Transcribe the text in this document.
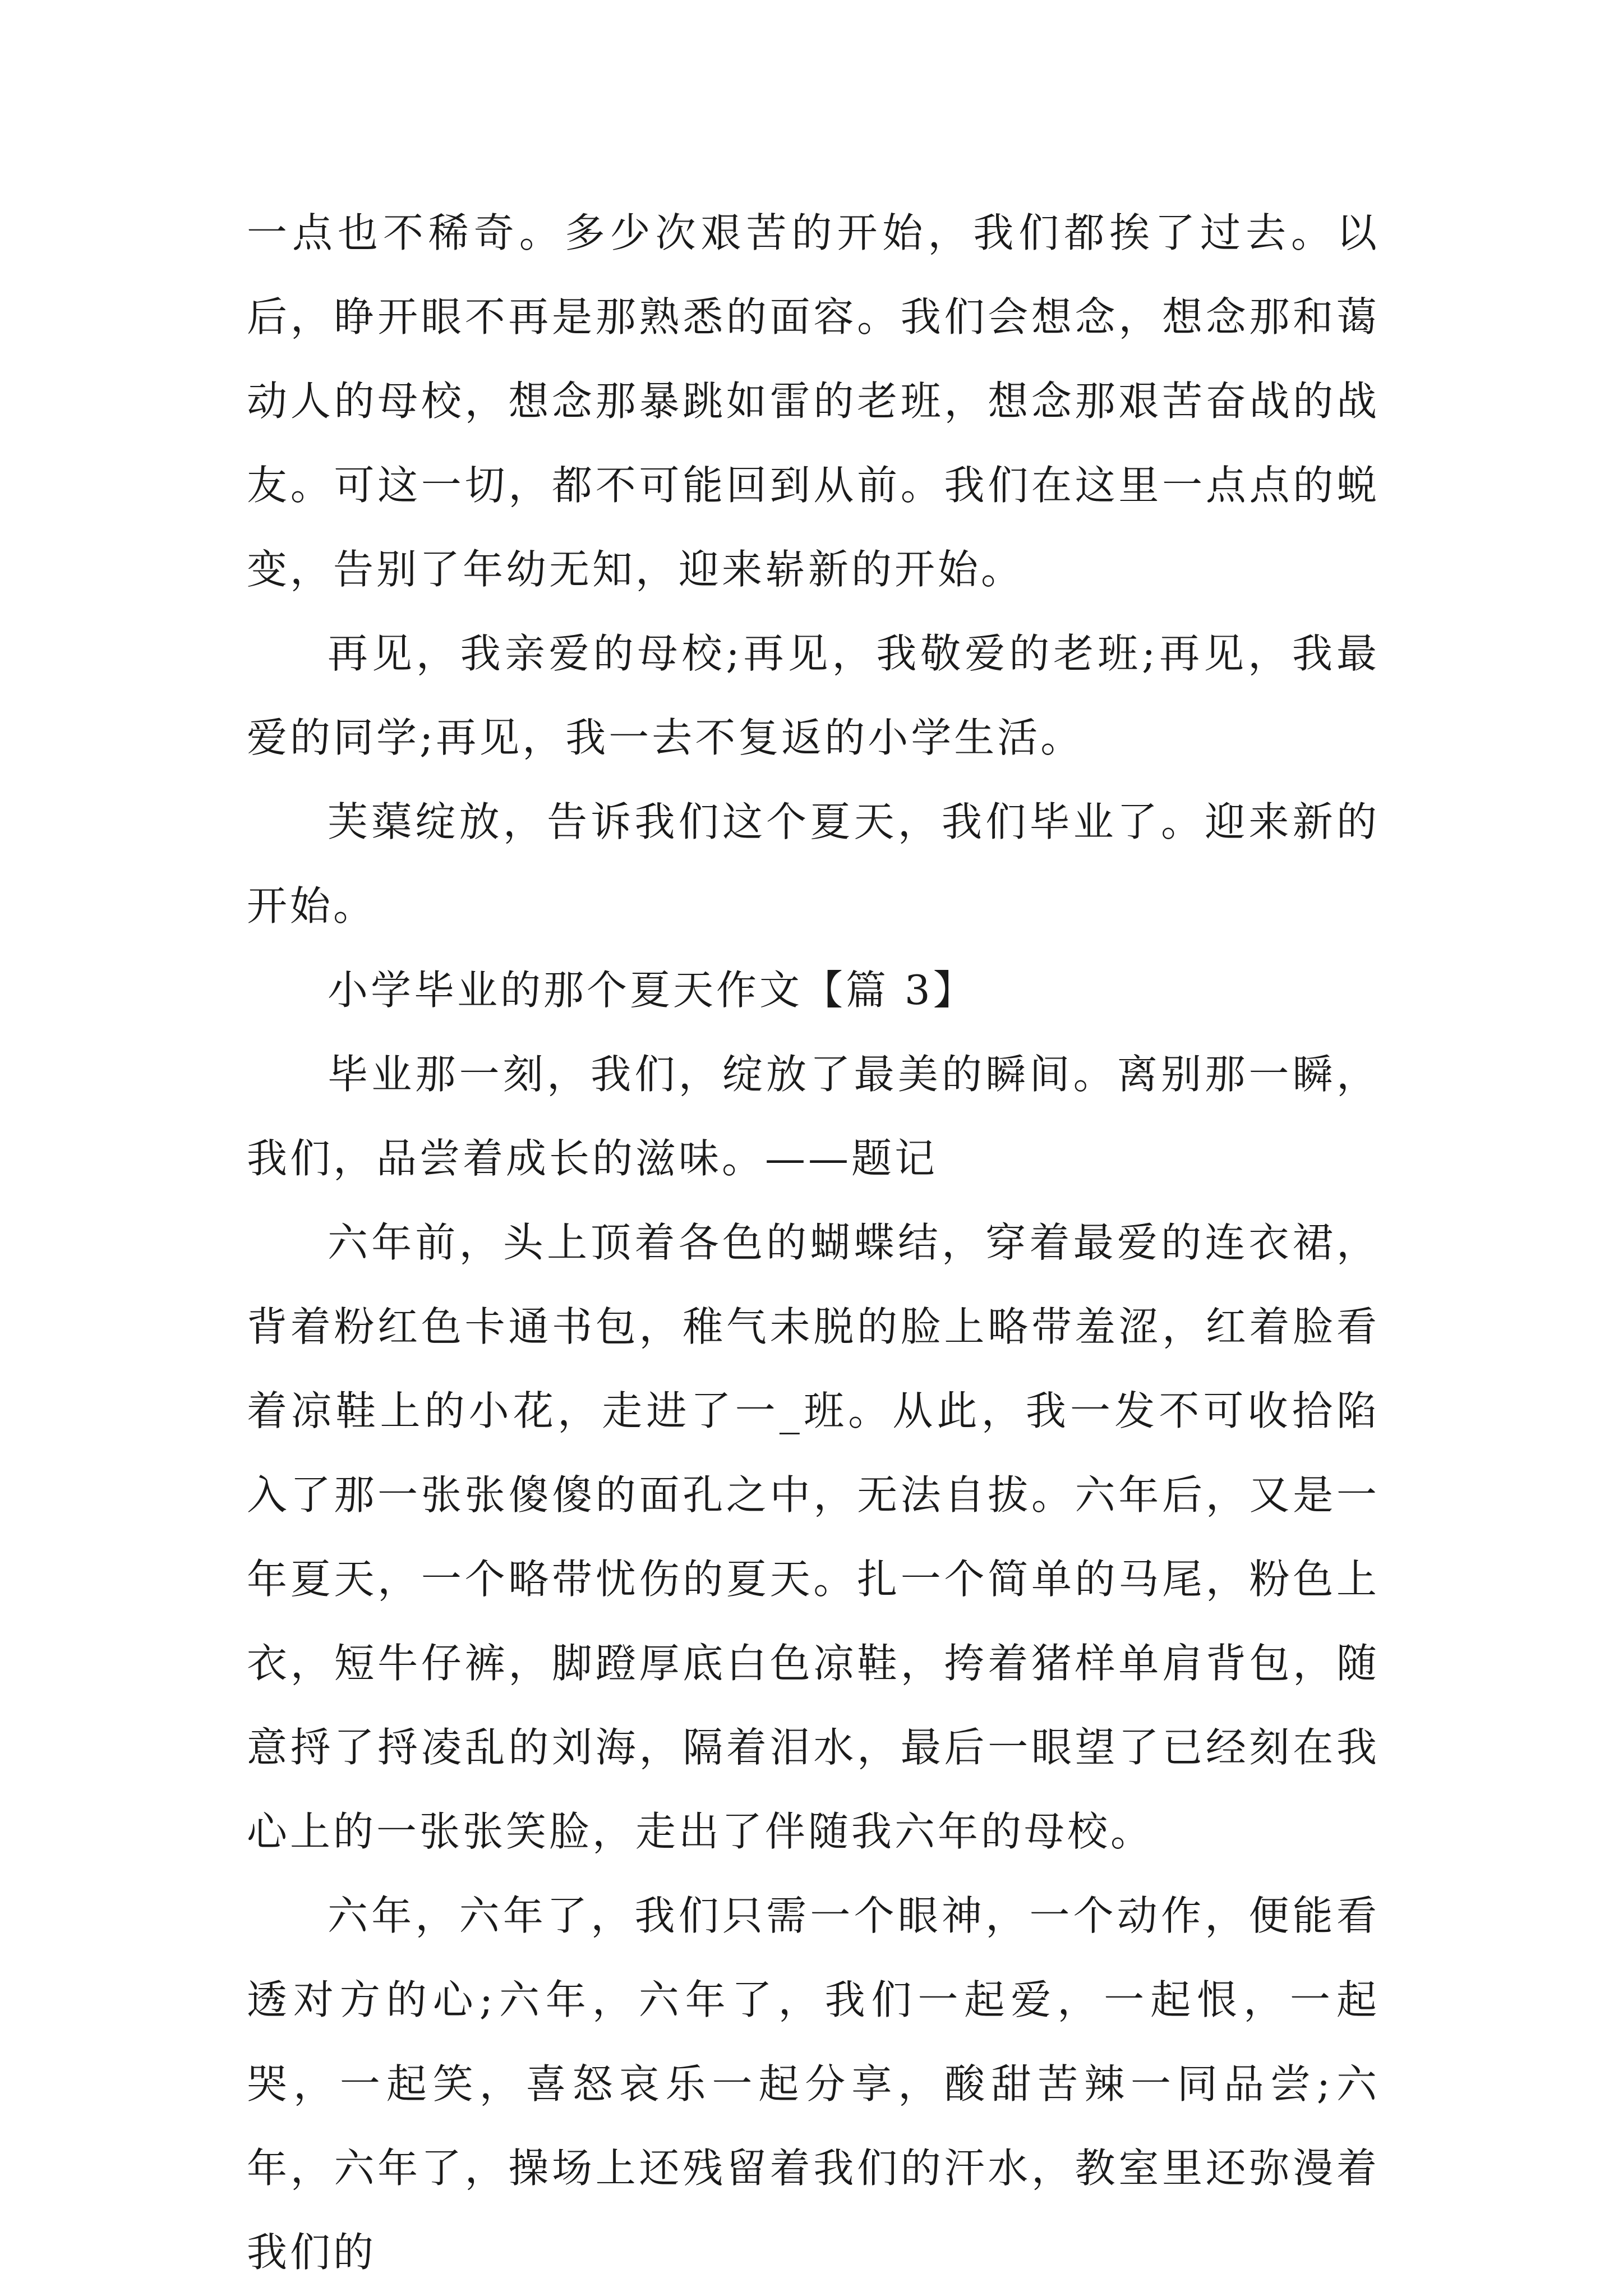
一点也不稀奇。多少次艰苦的开始，我们都挨了过去。以后，睁开眼不再是那熟悉的面容。我们会想念，想念那和蔼动人的母校，想念那暴跳如雷的老班，想念那艰苦奋战的战友。可这一切，都不可能回到从前。我们在这里一点点的蜕变，告别了年幼无知，迎来崭新的开始。

再见，我亲爱的母校;再见，我敬爱的老班;再见，我最爱的同学;再见，我一去不复返的小学生活。

芙蕖绽放，告诉我们这个夏天，我们毕业了。迎来新的开始。

小学毕业的那个夏天作文【篇 3】

毕业那一刻，我们，绽放了最美的瞬间。离别那一瞬，我们，品尝着成长的滋味。——题记

六年前，头上顶着各色的蝴蝶结，穿着最爱的连衣裙，背着粉红色卡通书包，稚气未脱的脸上略带羞涩，红着脸看着凉鞋上的小花，走进了一_班。从此，我一发不可收拾陷入了那一张张傻傻的面孔之中，无法自拔。六年后，又是一年夏天，一个略带忧伤的夏天。扎一个简单的马尾，粉色上衣，短牛仔裤，脚蹬厚底白色凉鞋，挎着猪样单肩背包，随意捋了捋凌乱的刘海，隔着泪水，最后一眼望了已经刻在我心上的一张张笑脸，走出了伴随我六年的母校。

六年，六年了，我们只需一个眼神，一个动作，便能看透对方的心;六年，六年了，我们一起爱，一起恨，一起哭，一起笑，喜怒哀乐一起分享，酸甜苦辣一同品尝;六年，六年了，操场上还残留着我们的汗水，教室里还弥漫着我们的
